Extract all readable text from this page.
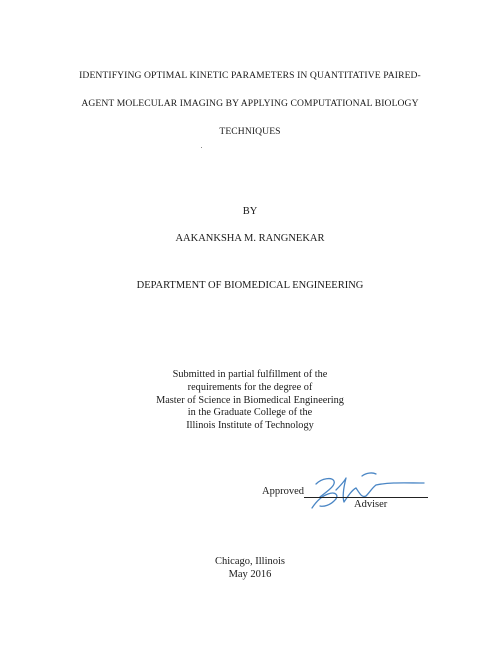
IDENTIFYING OPTIMAL KINETIC PARAMETERS IN QUANTITATIVE PAIRED-
AGENT MOLECULAR IMAGING BY APPLYING COMPUTATIONAL BIOLOGY
TECHNIQUES
BY
AAKANKSHA M. RANGNEKAR
DEPARTMENT OF BIOMEDICAL ENGINEERING
Submitted in partial fulfillment of the
requirements for the degree of
Master of Science in Biomedical Engineering
in the Graduate College of the
Illinois Institute of Technology
Approved
Adviser
Chicago, Illinois
May 2016
